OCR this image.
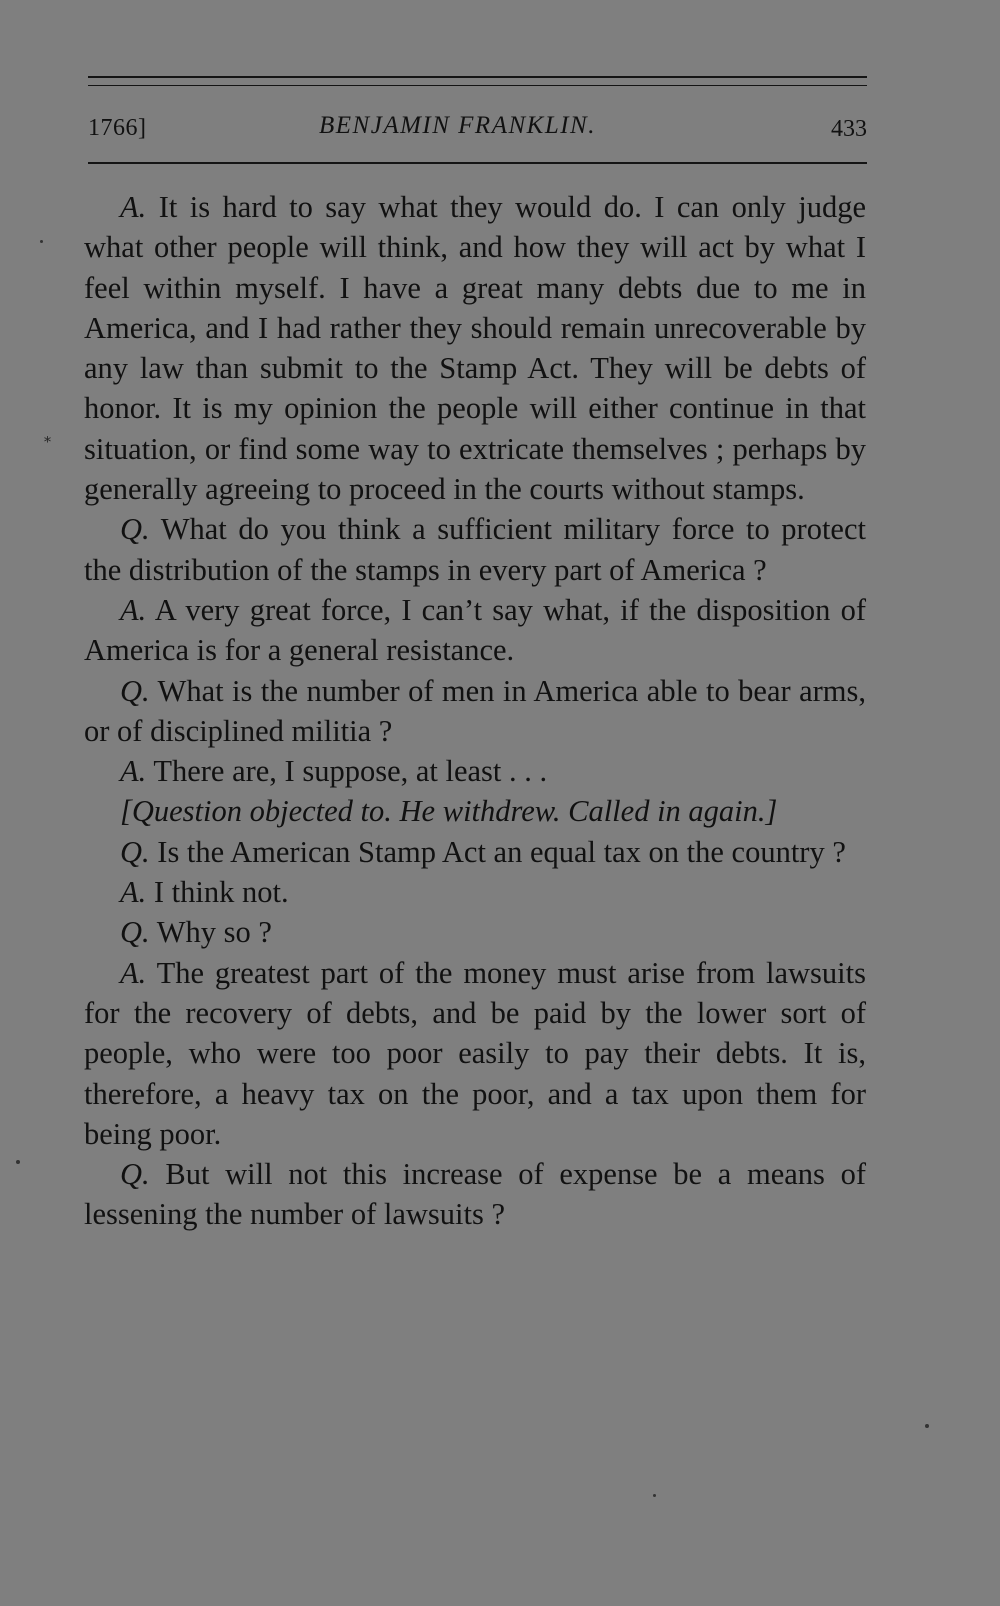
1766]	BENJAMIN FRANKLIN.	433
⁎

A. It is hard to say what they would do. I can only judge what other people will think, and how they will act by what I feel within myself. I have a great many debts due to me in America, and I had rather they should remain unrecoverable by any law than submit to the Stamp Act. They will be debts of honor. It is my opinion the people will either continue in that situation, or find some way to extricate themselves ; perhaps by generally agreeing to proceed in the courts without stamps.

Q. What do you think a sufficient military force to protect the distribution of the stamps in every part of America ?

A. A very great force, I can’t say what, if the disposition of America is for a general resistance.

Q. What is the number of men in America able to bear arms, or of disciplined militia ?

A. There are, I suppose, at least . . .

[Question objected to. He withdrew. Called in again.]

Q. Is the American Stamp Act an equal tax on the country ?

A. I think not.

Q. Why so ?

A. The greatest part of the money must arise from lawsuits for the recovery of debts, and be paid by the lower sort of people, who were too poor easily to pay their debts. It is, therefore, a heavy tax on the poor, and a tax upon them for being poor.

Q. But will not this increase of expense be a means of lessening the number of lawsuits ?
